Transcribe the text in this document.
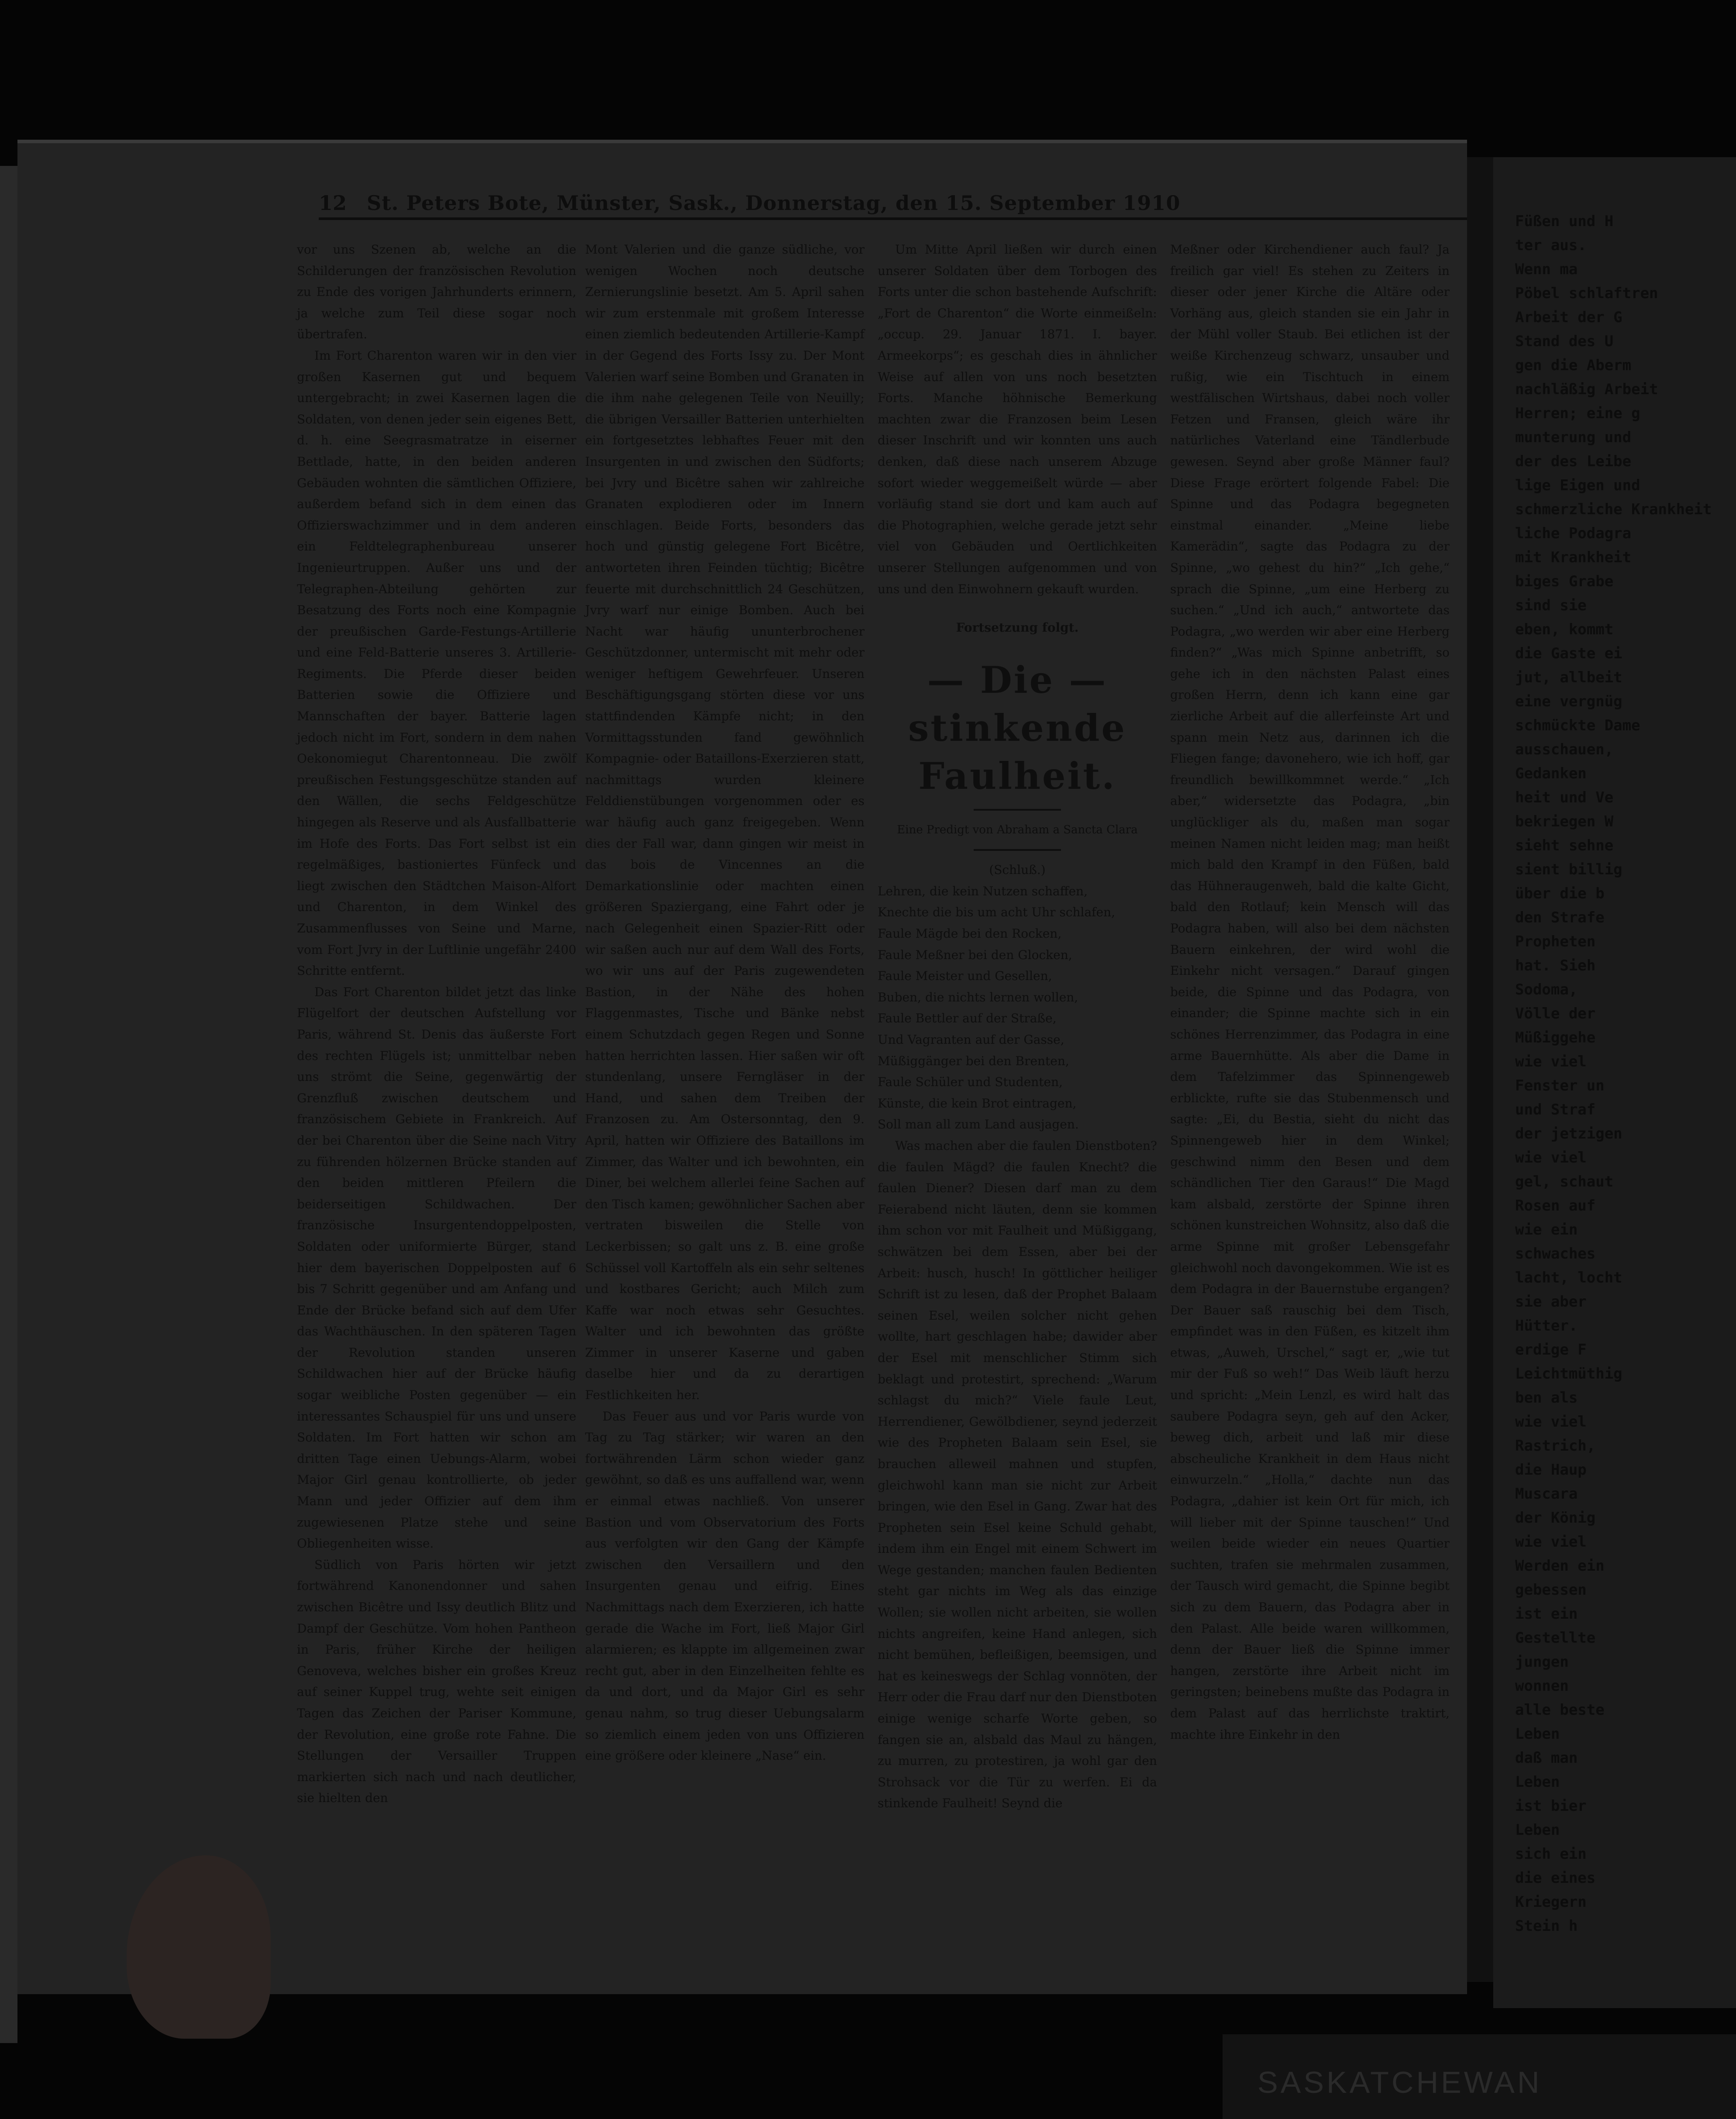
12 St. Peters Bote, Münster, Sask., Donnerstag, den 15. September 1910

vor uns Szenen ab, welche an die Schilderungen der französischen Revolution zu Ende des vorigen Jahrhunderts erinnern, ja welche zum Teil diese sogar noch übertrafen.

Im Fort Charenton waren wir in den vier großen Kasernen gut und bequem untergebracht; in zwei Kasernen lagen die Soldaten, von denen jeder sein eigenes Bett, d. h. eine Seegrasmatratze in eiserner Bettlade, hatte, in den beiden anderen Gebäuden wohnten die sämtlichen Offiziere, außerdem befand sich in dem einen das Offizierswachzimmer und in dem anderen ein Feldtelegraphenbureau unserer Ingenieurtruppen. Außer uns und der Telegraphen-Abteilung gehörten zur Besatzung des Forts noch eine Kompagnie der preußischen Garde-Festungs-Artillerie und eine Feld-Batterie unseres 3. Artillerie-Regiments. Die Pferde dieser beiden Batterien sowie die Offiziere und Mannschaften der bayer. Batterie lagen jedoch nicht im Fort, sondern in dem nahen Oekonomiegut Charentonneau. Die zwölf preußischen Festungsgeschütze standen auf den Wällen, die sechs Feldgeschütze hingegen als Reserve und als Ausfallbatterie im Hofe des Forts. Das Fort selbst ist ein regelmäßiges, bastioniertes Fünfeck und liegt zwischen den Städtchen Maison-Alfort und Charenton, in dem Winkel des Zusammenflusses von Seine und Marne, vom Fort Jvry in der Luftlinie ungefähr 2400 Schritte entfernt.

Das Fort Charenton bildet jetzt das linke Flügelfort der deutschen Aufstellung vor Paris, während St. Denis das äußerste Fort des rechten Flügels ist; unmittelbar neben uns strömt die Seine, gegenwärtig der Grenzfluß zwischen deutschem und französischem Gebiete in Frankreich. Auf der bei Charenton über die Seine nach Vitry zu führenden hölzernen Brücke standen auf den beiden mittleren Pfeilern die beiderseitigen Schildwachen. Der französische Insurgentendoppelposten, Soldaten oder uniformierte Bürger, stand hier dem bayerischen Doppelposten auf 6 bis 7 Schritt gegenüber und am Anfang und Ende der Brücke befand sich auf dem Ufer das Wachthäuschen. In den späteren Tagen der Revolution standen unseren Schildwachen hier auf der Brücke häufig sogar weibliche Posten gegenüber — ein interessantes Schauspiel für uns und unsere Soldaten. Im Fort hatten wir schon am dritten Tage einen Uebungs-Alarm, wobei Major Girl genau kontrollierte, ob jeder Mann und jeder Offizier auf dem ihm zugewiesenen Platze stehe und seine Obliegenheiten wisse.

Südlich von Paris hörten wir jetzt fortwährend Kanonendonner und sahen zwischen Bicêtre und Issy deutlich Blitz und Dampf der Geschütze. Vom hohen Pantheon in Paris, früher Kirche der heiligen Genoveva, welches bisher ein großes Kreuz auf seiner Kuppel trug, wehte seit einigen Tagen das Zeichen der Pariser Kommune, der Revolution, eine große rote Fahne. Die Stellungen der Versailler Truppen markierten sich nach und nach deutlicher, sie hielten den

Mont Valerien und die ganze südliche, vor wenigen Wochen noch deutsche Zernierungslinie besetzt. Am 5. April sahen wir zum erstenmale mit großem Interesse einen ziemlich bedeutenden Artillerie-Kampf in der Gegend des Forts Issy zu. Der Mont Valerien warf seine Bomben und Granaten in die ihm nahe gelegenen Teile von Neuilly; die übrigen Versailler Batterien unterhielten ein fortgesetztes lebhaftes Feuer mit den Insurgenten in und zwischen den Südforts; bei Jvry und Bicêtre sahen wir zahlreiche Granaten explodieren oder im Innern einschlagen. Beide Forts, besonders das hoch und günstig gelegene Fort Bicêtre, antworteten ihren Feinden tüchtig; Bicêtre feuerte mit durchschnittlich 24 Geschützen, Jvry warf nur einige Bomben. Auch bei Nacht war häufig ununterbrochener Geschützdonner, untermischt mit mehr oder weniger heftigem Gewehrfeuer. Unseren Beschäftigungsgang störten diese vor uns stattfindenden Kämpfe nicht; in den Vormittagsstunden fand gewöhnlich Kompagnie- oder Bataillons-Exerzieren statt, nachmittags wurden kleinere Felddienstübungen vorgenommen oder es war häufig auch ganz freigegeben. Wenn dies der Fall war, dann gingen wir meist in das bois de Vincennes an die Demarkationslinie oder machten einen größeren Spaziergang, eine Fahrt oder je nach Gelegenheit einen Spazier-Ritt oder wir saßen auch nur auf dem Wall des Forts, wo wir uns auf der Paris zugewendeten Bastion, in der Nähe des hohen Flaggenmastes, Tische und Bänke nebst einem Schutzdach gegen Regen und Sonne hatten herrichten lassen. Hier saßen wir oft stundenlang, unsere Ferngläser in der Hand, und sahen dem Treiben der Franzosen zu. Am Ostersonntag, den 9. April, hatten wir Offiziere des Bataillons im Zimmer, das Walter und ich bewohnten, ein Diner, bei welchem allerlei feine Sachen auf den Tisch kamen; gewöhnlicher Sachen aber vertraten bisweilen die Stelle von Leckerbissen; so galt uns z. B. eine große Schüssel voll Kartoffeln als ein sehr seltenes und kostbares Gericht; auch Milch zum Kaffe war noch etwas sehr Gesuchtes. Walter und ich bewohnten das größte Zimmer in unserer Kaserne und gaben daselbe hier und da zu derartigen Festlichkeiten her.

Das Feuer aus und vor Paris wurde von Tag zu Tag stärker; wir waren an den fortwährenden Lärm schon wieder ganz gewöhnt, so daß es uns auffallend war, wenn er einmal etwas nachließ. Von unserer Bastion und vom Observatorium des Forts aus verfolgten wir den Gang der Kämpfe zwischen den Versaillern und den Insurgenten genau und eifrig. Eines Nachmittags nach dem Exerzieren, ich hatte gerade die Wache im Fort, ließ Major Girl alarmieren; es klappte im allgemeinen zwar recht gut, aber in den Einzelheiten fehlte es da und dort, und da Major Girl es sehr genau nahm, so trug dieser Uebungsalarm so ziemlich einem jeden von uns Offizieren eine größere oder kleinere „Nase“ ein.

Um Mitte April ließen wir durch einen unserer Soldaten über dem Torbogen des Forts unter die schon bastehende Aufschrift: „Fort de Charenton“ die Worte einmeißeln: „occup. 29. Januar 1871. I. bayer. Armeekorps“; es geschah dies in ähnlicher Weise auf allen von uns noch besetzten Forts. Manche höhnische Bemerkung machten zwar die Franzosen beim Lesen dieser Inschrift und wir konnten uns auch denken, daß diese nach unserem Abzuge sofort wieder weggemeißelt würde — aber vorläufig stand sie dort und kam auch auf die Photographien, welche gerade jetzt sehr viel von Gebäuden und Oertlichkeiten unserer Stellungen aufgenommen und von uns und den Einwohnern gekauft wurden.

Fortsetzung folgt.

— Die —
stinkende Faulheit.

Eine Predigt von Abraham a Sancta Clara

(Schluß.)

Lehren, die kein Nutzen schaffen,

Knechte die bis um acht Uhr schlafen,

Faule Mägde bei den Rocken,

Faule Meßner bei den Glocken,

Faule Meister und Gesellen,

Buben, die nichts lernen wollen,

Faule Bettler auf der Straße,

Und Vagranten auf der Gasse,

Müßiggänger bei den Brenten,

Faule Schüler und Studenten,

Künste, die kein Brot eintragen,

Soll man all zum Land ausjagen.

Was machen aber die faulen Dienstboten? die faulen Mägd? die faulen Knecht? die faulen Diener? Diesen darf man zu dem Feierabend nicht läuten, denn sie kommen ihm schon vor mit Faulheit und Müßiggang, schwätzen bei dem Essen, aber bei der Arbeit: husch, husch! In göttlicher heiliger Schrift ist zu lesen, daß der Prophet Balaam seinen Esel, weilen solcher nicht gehen wollte, hart geschlagen habe; dawider aber der Esel mit menschlicher Stimm sich beklagt und protestirt, sprechend: „Warum schlagst du mich?“ Viele faule Leut, Herrendiener, Gewölbdiener, seynd jederzeit wie des Propheten Balaam sein Esel, sie brauchen alleweil mahnen und stupfen, gleichwohl kann man sie nicht zur Arbeit bringen, wie den Esel in Gang. Zwar hat des Propheten sein Esel keine Schuld gehabt, indem ihm ein Engel mit einem Schwert im Wege gestanden; manchen faulen Bedienten steht gar nichts im Weg als das einzige Wollen; sie wollen nicht arbeiten, sie wollen nichts angreifen, keine Hand anlegen, sich nicht bemühen, befleißigen, beemsigen, und hat es keineswegs der Schlag vonnöten, der Herr oder die Frau darf nur den Dienstboten einige wenige scharfe Worte geben, so fangen sie an, alsbald das Maul zu hängen, zu murren, zu protestiren, ja wohl gar den Strohsack vor die Tür zu werfen. Ei da stinkende Faulheit! Seynd die

Meßner oder Kirchendiener auch faul? Ja freilich gar viel! Es stehen zu Zeiters in dieser oder jener Kirche die Altäre oder Vorhäng aus, gleich standen sie ein Jahr in der Mühl voller Staub. Bei etlichen ist der weiße Kirchenzeug schwarz, unsauber und rußig, wie ein Tischtuch in einem westfälischen Wirtshaus, dabei noch voller Fetzen und Fransen, gleich wäre ihr natürliches Vaterland eine Tändlerbude gewesen. Seynd aber große Männer faul? Diese Frage erörtert folgende Fabel: Die Spinne und das Podagra begegneten einstmal einander. „Meine liebe Kamerädin“, sagte das Podagra zu der Spinne, „wo gehest du hin?“ „Ich gehe,“ sprach die Spinne, „um eine Herberg zu suchen.“ „Und ich auch,“ antwortete das Podagra, „wo werden wir aber eine Herberg finden?“ „Was mich Spinne anbetrifft, so gehe ich in den nächsten Palast eines großen Herrn, denn ich kann eine gar zierliche Arbeit auf die allerfeinste Art und spann mein Netz aus, darinnen ich die Fliegen fange; davonehero, wie ich hoff, gar freundlich bewillkommnet werde.“ „Ich aber,“ widersetzte das Podagra, „bin unglückliger als du, maßen man sogar meinen Namen nicht leiden mag; man heißt mich bald den Krampf in den Füßen, bald das Hühneraugenweh, bald die kalte Gicht, bald den Rotlauf; kein Mensch will das Podagra haben, will also bei dem nächsten Bauern einkehren, der wird wohl die Einkehr nicht versagen.“ Darauf gingen beide, die Spinne und das Podagra, von einander; die Spinne machte sich in ein schönes Herrenzimmer, das Podagra in eine arme Bauernhütte. Als aber die Dame in dem Tafelzimmer das Spinnengeweb erblickte, rufte sie das Stubenmensch und sagte: „Ei, du Bestia, sieht du nicht das Spinnengeweb hier in dem Winkel; geschwind nimm den Besen und dem schändlichen Tier den Garaus!“ Die Magd kam alsbald, zerstörte der Spinne ihren schönen kunstreichen Wohnsitz, also daß die arme Spinne mit großer Lebensgefahr gleichwohl noch davongekommen. Wie ist es dem Podagra in der Bauernstube ergangen? Der Bauer saß rauschig bei dem Tisch, empfindet was in den Füßen, es kitzelt ihm etwas, „Auweh, Urschel,“ sagt er, „wie tut mir der Fuß so weh!“ Das Weib läuft herzu und spricht: „Mein Lenzl, es wird halt das saubere Podagra seyn, geh auf den Acker, beweg dich, arbeit und laß mir diese abscheuliche Krankheit in dem Haus nicht einwurzeln.“ „Holla,“ dachte nun das Podagra, „dahier ist kein Ort für mich, ich will lieber mit der Spinne tauschen!“ Und weilen beide wieder ein neues Quartier suchten, trafen sie mehrmalen zusammen, der Tausch wird gemacht, die Spinne begibt sich zu dem Bauern, das Podagra aber in den Palast. Alle beide waren willkommen, denn der Bauer ließ die Spinne immer hangen, zerstörte ihre Arbeit nicht im geringsten; beinebens mußte das Podagra in dem Palast auf das herrlichste traktirt, machte ihre Einkehr in den

Füßen und H
ter aus.
Wenn ma
Pöbel schlaftren
Arbeit der G
Stand des U
gen die Aberm
nachläßig Arbeit
Herren; eine g
munterung und
der des Leibe
lige Eigen und
schmerzliche Krankheit
liche Podagra
mit Krankheit
biges Grabe
sind sie
eben, kommt
die Gaste ei
jut, allbeit
eine vergnüg
schmückte Dame
ausschauen,
Gedanken
heit und Ve
bekriegen W
sieht sehne
sient billig
über die b
den Strafe
Propheten
hat. Sieh
Sodoma,
Völle der
Müßiggehe
wie viel
Fenster un
und Straf
der jetzigen
wie viel
gel, schaut
Rosen auf
wie ein
schwaches
lacht, locht
sie aber
Hütter.
erdige F
Leichtmüthig
ben als
wie viel
Rastrich,
die Haup
Muscara
der König
wie viel
Werden ein
gebessen
ist ein
Gestellte
jungen
wonnen
alle beste
Leben
daß man
Leben
ist bier
Leben
sich ein
die eines
Kriegern
Stein h
SASKATCHEWAN
